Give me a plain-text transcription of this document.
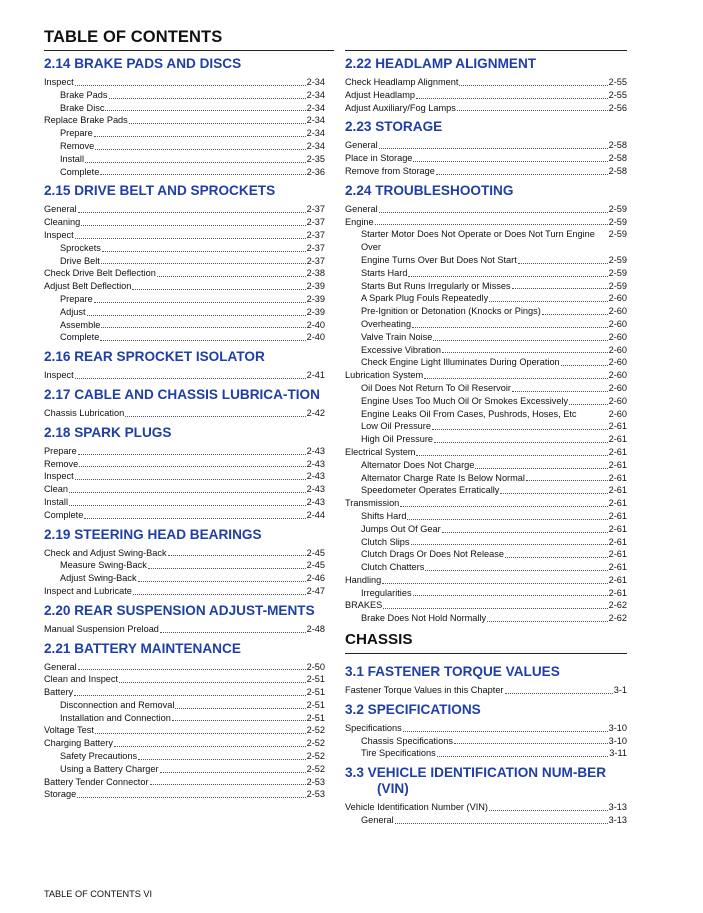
TABLE OF CONTENTS
2.14 BRAKE PADS AND DISCS
Inspect	2-34
Brake Pads	2-34
Brake Disc	2-34
Replace Brake Pads	2-34
Prepare	2-34
Remove	2-34
Install	2-35
Complete	2-36
2.15 DRIVE BELT AND SPROCKETS
General	2-37
Cleaning	2-37
Inspect	2-37
Sprockets	2-37
Drive Belt	2-37
Check Drive Belt Deflection	2-38
Adjust Belt Deflection	2-39
Prepare	2-39
Adjust	2-39
Assemble	2-40
Complete	2-40
2.16 REAR SPROCKET ISOLATOR
Inspect	2-41
2.17 CABLE AND CHASSIS LUBRICA-TION
Chassis Lubrication	2-42
2.18 SPARK PLUGS
Prepare	2-43
Remove	2-43
Inspect	2-43
Clean	2-43
Install	2-43
Complete	2-44
2.19 STEERING HEAD BEARINGS
Check and Adjust Swing-Back	2-45
Measure Swing-Back	2-45
Adjust Swing-Back	2-46
Inspect and Lubricate	2-47
2.20 REAR SUSPENSION ADJUST-MENTS
Manual Suspension Preload	2-48
2.21 BATTERY MAINTENANCE
General	2-50
Clean and Inspect	2-51
Battery	2-51
Disconnection and Removal	2-51
Installation and Connection	2-51
Voltage Test	2-52
Charging Battery	2-52
Safety Precautions	2-52
Using a Battery Charger	2-52
Battery Tender Connector	2-53
Storage	2-53
2.22 HEADLAMP ALIGNMENT
Check Headlamp Alignment	2-55
Adjust Headlamp	2-55
Adjust Auxiliary/Fog Lamps	2-56
2.23 STORAGE
General	2-58
Place in Storage	2-58
Remove from Storage	2-58
2.24 TROUBLESHOOTING
General	2-59
Engine	2-59
Starter Motor Does Not Operate or Does Not Turn Engine Over
2-59
Engine Turns Over But Does Not Start	2-59
Starts Hard	2-59
Starts But Runs Irregularly or Misses	2-59
A Spark Plug Fouls Repeatedly	2-60
Pre-Ignition or Detonation (Knocks or Pings)	2-60
Overheating	2-60
Valve Train Noise	2-60
Excessive Vibration	2-60
Check Engine Light Illuminates During Operation	2-60
Lubrication System	2-60
Oil Does Not Return To Oil Reservoir	2-60
Engine Uses Too Much Oil Or Smokes Excessively	2-60
Engine Leaks Oil From Cases, Pushrods, Hoses, Etc	2-60
Low Oil Pressure	2-61
High Oil Pressure	2-61
Electrical System	2-61
Alternator Does Not Charge	2-61
Alternator Charge Rate Is Below Normal	2-61
Speedometer Operates Erratically	2-61
Transmission	2-61
Shifts Hard	2-61
Jumps Out Of Gear	2-61
Clutch Slips	2-61
Clutch Drags Or Does Not Release	2-61
Clutch Chatters	2-61
Handling	2-61
Irregularities	2-61
BRAKES	2-62
Brake Does Not Hold Normally	2-62
CHASSIS
3.1 FASTENER TORQUE VALUES
Fastener Torque Values in this Chapter	3-1
3.2 SPECIFICATIONS
Specifications	3-10
Chassis Specifications	3-10
Tire Specifications	3-11
3.3 VEHICLE IDENTIFICATION NUM-BER (VIN)
Vehicle Identification Number (VIN)	3-13
General	3-13
TABLE OF CONTENTS VI
